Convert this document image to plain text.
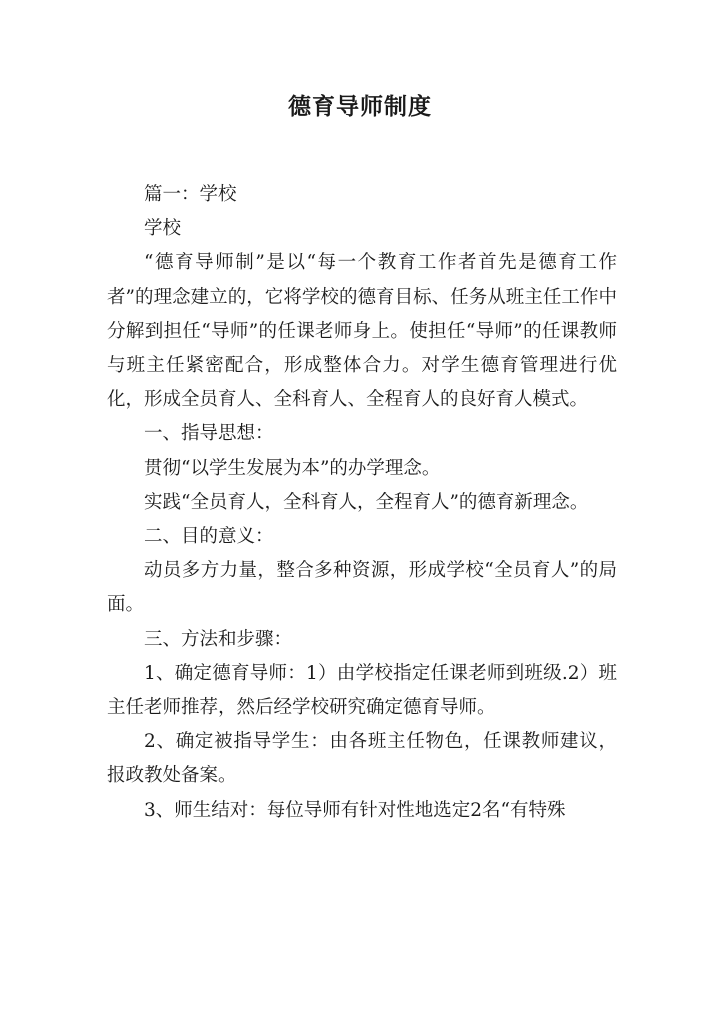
德育导师制度

篇一：学校

学校

“德育导师制”是以“每一个教育工作者首先是德育工作者”的理念建立的，它将学校的德育目标、任务从班主任工作中分解到担任“导师”的任课老师身上。使担任“导师”的任课教师与班主任紧密配合，形成整体合力。对学生德育管理进行优化，形成全员育人、全科育人、全程育人的良好育人模式。

一、指导思想：

贯彻“以学生发展为本”的办学理念。

实践“全员育人，全科育人，全程育人”的德育新理念。

二、目的意义：

动员多方力量，整合多种资源，形成学校“全员育人”的局面。

三、方法和步骤：

1、确定德育导师：1）由学校指定任课老师到班级.2）班主任老师推荐，然后经学校研究确定德育导师。

2、确定被指导学生：由各班主任物色，任课教师建议，报政教处备案。

3、师生结对：每位导师有针对性地选定2名“有特殊
